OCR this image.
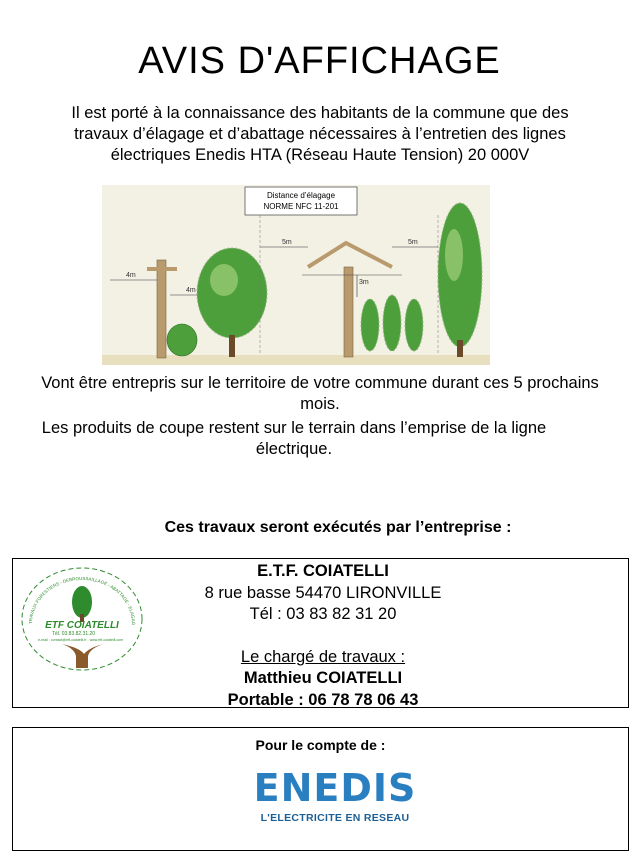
AVIS D'AFFICHAGE
Il est porté à la connaissance des habitants de la commune que des
travaux d’élagage et d’abattage nécessaires à l’entretien des lignes
électriques Enedis HTA (Réseau Haute Tension) 20 000V
4m
4m
Distance d’élagage
NORME NFC 11-201
5m	5m
3m
Vont être entrepris sur le territoire de votre commune durant ces 5 prochains
mois.
Les produits de coupe restent sur le terrain dans l’emprise de la ligne
électrique.
Ces travaux seront exécutés par l’entreprise :
TRAVAUX FORESTIERS - DEBROUSSAILLAGE - ABATTAGE - ELAGAG
ETF COIATELLI
Tél. 03.83.82.31.20
e-mail : contact@etf-coiatelli.fr - www.etf-coiatelli.com
E.T.F. COIATELLI
8 rue basse 54470 LIRONVILLE
Tél : 03 83 82 31 20
Le chargé de travaux :
Matthieu COIATELLI
Portable : 06 78 78 06 43
Pour le compte de :
ENEDIS
L'ELECTRICITE EN RESEAU
